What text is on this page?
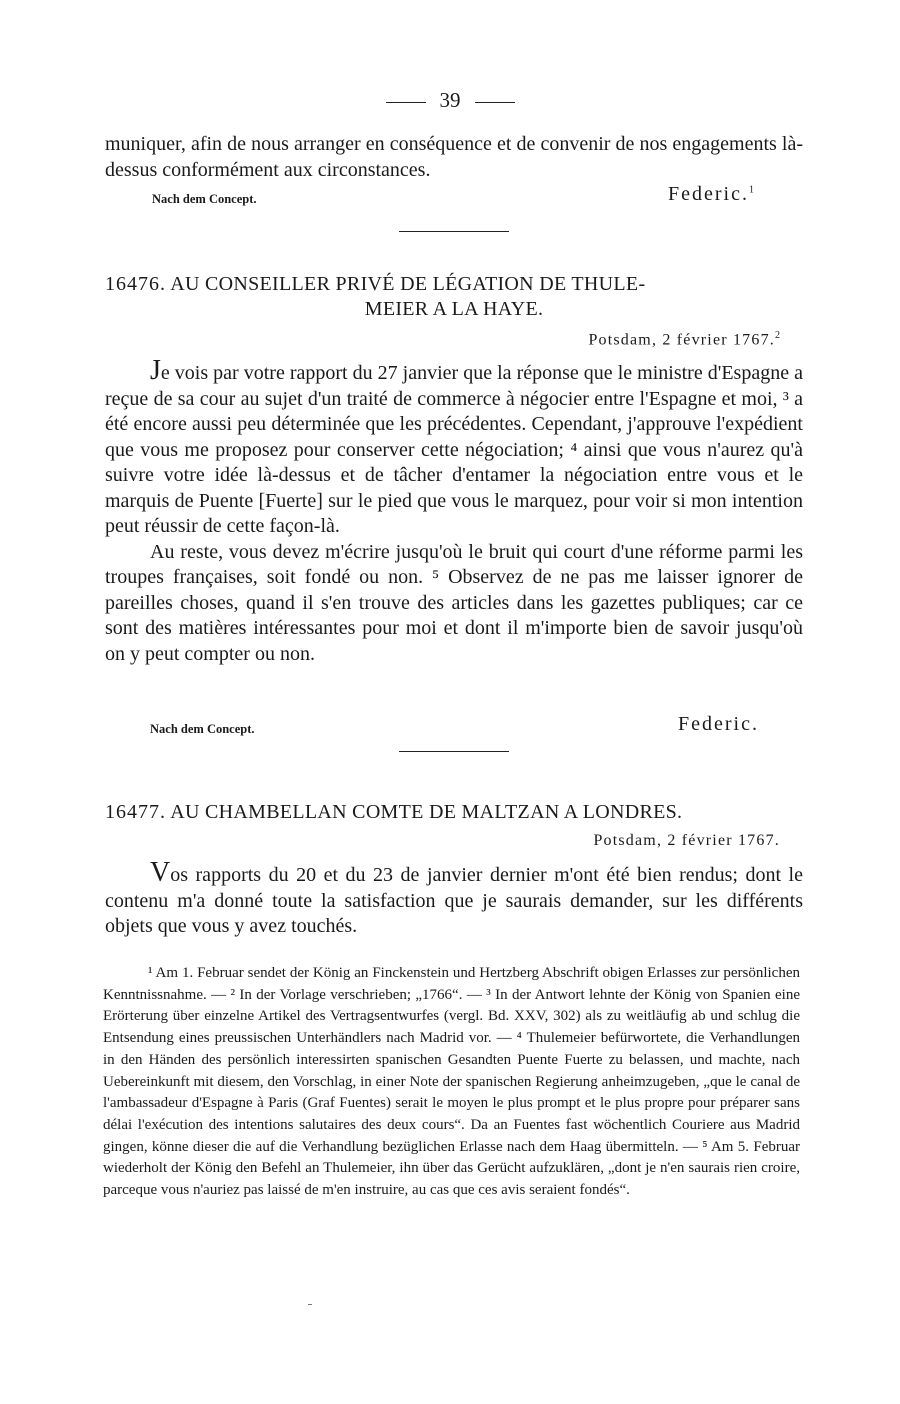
39

muniquer, afin de nous arranger en conséquence et de convenir de nos engagements là-dessus conformément aux circonstances.

Nach dem Concept.	Federic.$^1$
16476. AU CONSEILLER PRIVÉ DE LÉGATION DE THULE-
MEIER A LA HAYE.
Potsdam, 2 février 1767.$^2$

Je vois par votre rapport du 27 janvier que la réponse que le ministre d'Espagne a reçue de sa cour au sujet d'un traité de commerce à négocier entre l'Espagne et moi, ³ a été encore aussi peu déterminée que les précédentes. Cependant, j'approuve l'expédient que vous me proposez pour conserver cette négociation; ⁴ ainsi que vous n'aurez qu'à suivre votre idée là-dessus et de tâcher d'entamer la négociation entre vous et le marquis de Puente [Fuerte] sur le pied que vous le marquez, pour voir si mon intention peut réussir de cette façon-là.

Au reste, vous devez m'écrire jusqu'où le bruit qui court d'une réforme parmi les troupes françaises, soit fondé ou non. ⁵ Observez de ne pas me laisser ignorer de pareilles choses, quand il s'en trouve des articles dans les gazettes publiques; car ce sont des matières intéressantes pour moi et dont il m'importe bien de savoir jusqu'où on y peut compter ou non.

Nach dem Concept.	Federic.
16477. AU CHAMBELLAN COMTE DE MALTZAN A LONDRES.
Potsdam, 2 février 1767.

Vos rapports du 20 et du 23 de janvier dernier m'ont été bien rendus; dont le contenu m'a donné toute la satisfaction que je saurais demander, sur les différents objets que vous y avez touchés.

¹ Am 1. Februar sendet der König an Finckenstein und Hertzberg Abschrift obigen Erlasses zur persönlichen Kenntnissnahme. — ² In der Vorlage verschrieben; „1766“. — ³ In der Antwort lehnte der König von Spanien eine Erörterung über einzelne Artikel des Vertragsentwurfes (vergl. Bd. XXV, 302) als zu weitläufig ab und schlug die Entsendung eines preussischen Unterhändlers nach Madrid vor. — ⁴ Thulemeier befürwortete, die Verhandlungen in den Händen des persönlich interessirten spanischen Gesandten Puente Fuerte zu belassen, und machte, nach Uebereinkunft mit diesem, den Vorschlag, in einer Note der spanischen Regierung anheimzugeben, „que le canal de l'ambassadeur d'Espagne à Paris (Graf Fuentes) serait le moyen le plus prompt et le plus propre pour préparer sans délai l'exécution des intentions salutaires des deux cours“. Da an Fuentes fast wöchentlich Couriere aus Madrid gingen, könne dieser die auf die Verhandlung bezüglichen Erlasse nach dem Haag übermitteln. — ⁵ Am 5. Februar wiederholt der König den Befehl an Thulemeier, ihn über das Gerücht aufzuklären, „dont je n'en saurais rien croire, parceque vous n'auriez pas laissé de m'en instruire, au cas que ces avis seraient fondés“.
